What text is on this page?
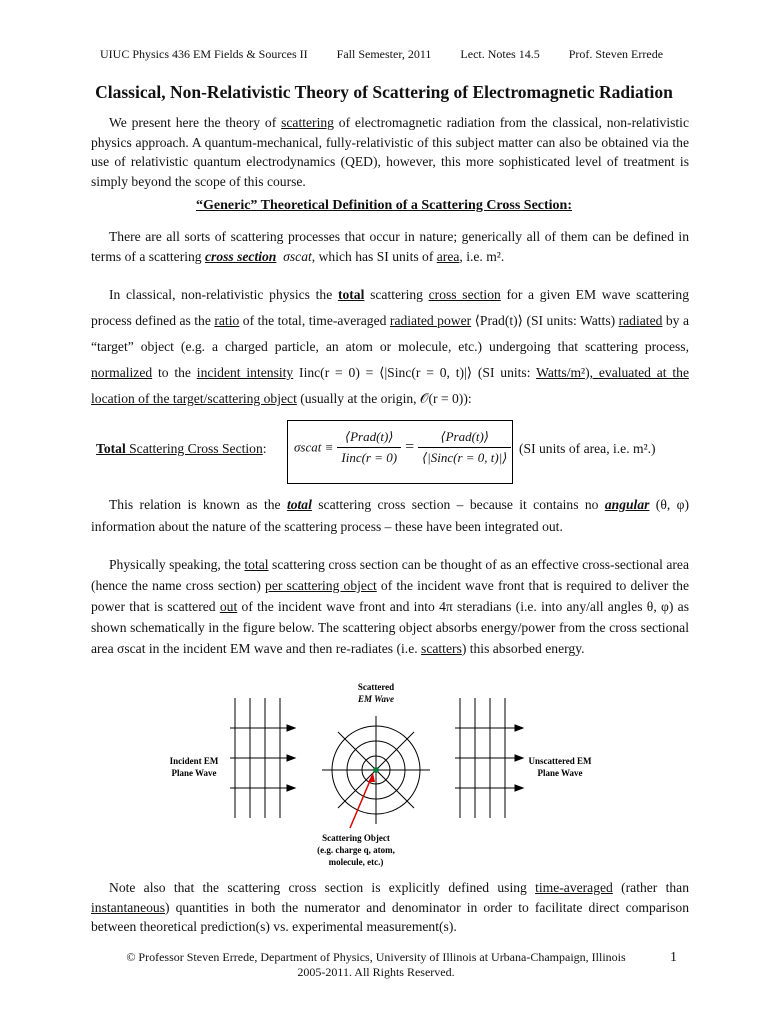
UIUC Physics 436 EM Fields & Sources II Fall Semester, 2011 Lect. Notes 14.5 Prof. Steven Errede
Classical, Non-Relativistic Theory of Scattering of Electromagnetic Radiation
We present here the theory of scattering of electromagnetic radiation from the classical, non-relativistic physics approach. A quantum-mechanical, fully-relativistic of this subject matter can also be obtained via the use of relativistic quantum electrodynamics (QED), however, this more sophisticated level of treatment is simply beyond the scope of this course.
“Generic” Theoretical Definition of a Scattering Cross Section:
There are all sorts of scattering processes that occur in nature; generically all of them can be defined in terms of a scattering cross section σscat, which has SI units of area, i.e. m².
In classical, non-relativistic physics the total scattering cross section for a given EM wave scattering process defined as the ratio of the total, time-averaged radiated power ⟨Prad(t)⟩ (SI units: Watts) radiated by a “target” object (e.g. a charged particle, an atom or molecule, etc.) undergoing that scattering process, normalized to the incident intensity Iinc(r = 0) = ⟨|Sinc(r = 0, t)|⟩ (SI units: Watts/m²), evaluated at the location of the target/scattering object (usually at the origin, 𝒪(r = 0)):
Total Scattering Cross Section: σscat ≡ $\frac{\text{⟨Prad(t)⟩}}{\text{Iinc(r = 0)}} = \frac{\text{⟨Prad(t)⟩}}{\text{⟨|Sinc(r = 0, t)|⟩}} (SI$ units of area, i.e. m².)
This relation is known as the total scattering cross section – because it contains no angular (θ, φ) information about the nature of the scattering process – these have been integrated out.
Physically speaking, the total scattering cross section can be thought of as an effective cross-sectional area (hence the name cross section) per scattering object of the incident wave front that is required to deliver the power that is scattered out of the incident wave front and into 4π steradians (i.e. into any/all angles θ, φ) as shown schematically in the figure below. The scattering object absorbs energy/power from the cross sectional area σscat in the incident EM wave and then re-radiates (i.e. scatters) this absorbed energy.
Scattered
EM Wave
Incident EM
Plane Wave
Unscattered EM
Plane Wave
Scattering Object
(e.g. charge q, atom,
molecule, etc.)
Note also that the scattering cross section is explicitly defined using time-averaged (rather than instantaneous) quantities in both the numerator and denominator in order to facilitate direct comparison between theoretical prediction(s) vs. experimental measurement(s).
© Professor Steven Errede, Department of Physics, University of Illinois at Urbana-Champaign, Illinois
2005-2011. All Rights Reserved.
1
